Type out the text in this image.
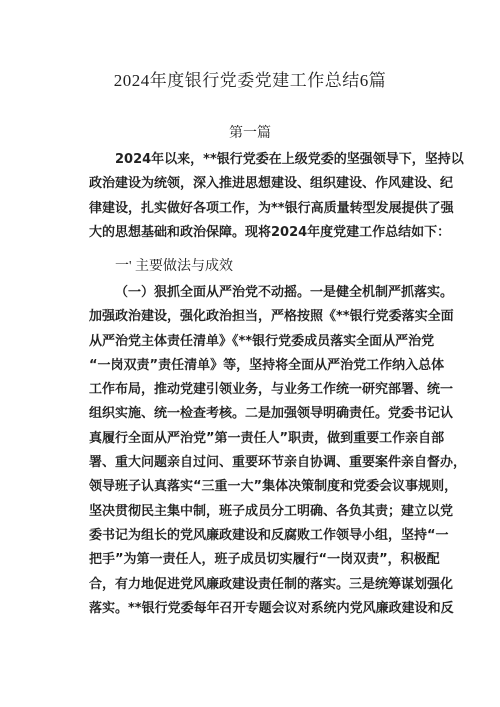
2024年度银行党委党建工作总结6篇
第一篇
2024年以来，**银行党委在上级党委的坚强领导下，坚持以
政治建设为统领，深入推进思想建设、组织建设、作风建设、纪
律建设，扎实做好各项工作，为**银行高质量转型发展提供了强
大的思想基础和政治保障。现将2024年度党建工作总结如下：
一' 主要做法与成效
（一）狠抓全面从严治党不动摇。一是健全机制严抓落实。
加强政治建设，强化政治担当，严格按照《**银行党委落实全面
从严治党主体责任清单》《**银行党委成员落实全面从严治党
“一岗双责”责任清单》等，坚持将全面从严治党工作纳入总体
工作布局，推动党建引领业务，与业务工作统一研究部署、统一
组织实施、统一检查考核。二是加强领导明确责任。党委书记认
真履行全面从严治党”第一责任人”职责，做到重要工作亲自部
署、重大问题亲自过问、重要环节亲自协调、重要案件亲自督办，
领导班子认真落实“三重一大”集体决策制度和党委会议事规则，
坚决贯彻民主集中制，班子成员分工明确、各负其责；建立以党
委书记为组长的党风廉政建设和反腐败工作领导小组，坚持“一
把手”为第一责任人，班子成员切实履行“一岗双责”，积极配
合，有力地促进党风廉政建设责任制的落实。三是统筹谋划强化
落实。**银行党委每年召开专题会议对系统内党风廉政建设和反
